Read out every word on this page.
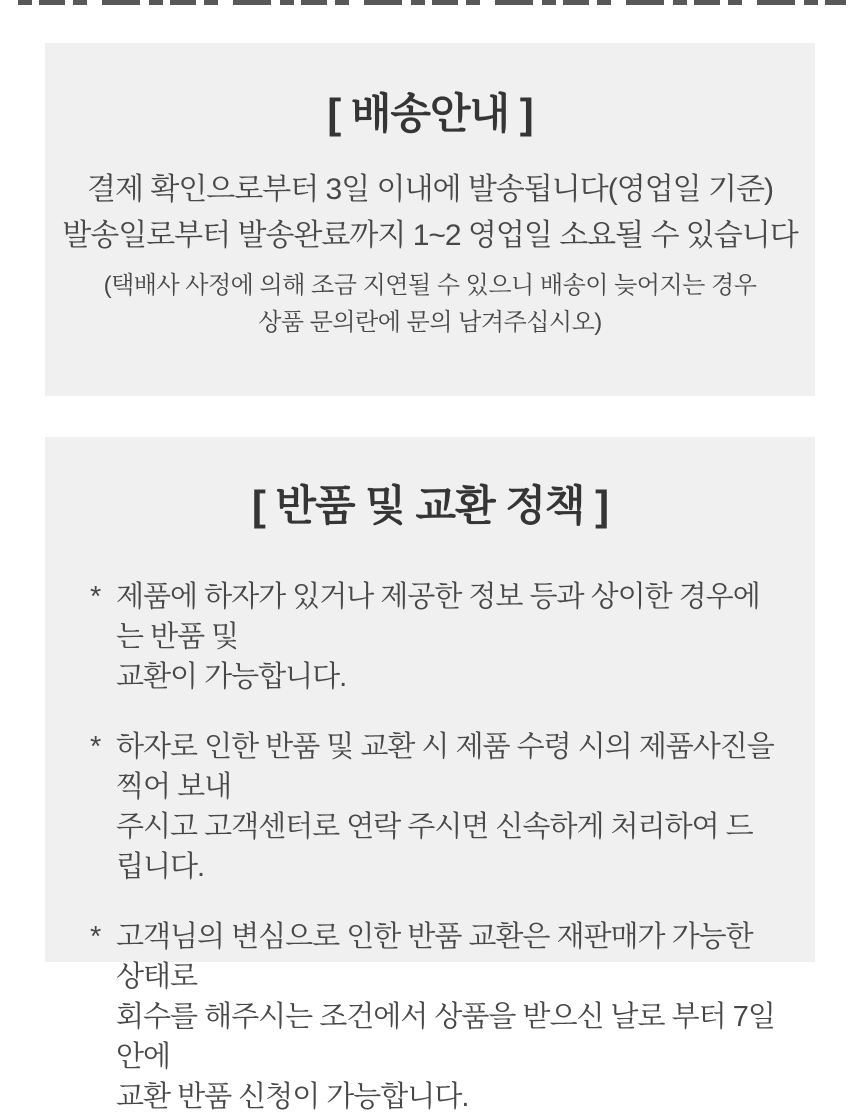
[ 배송안내 ]
결제 확인으로부터 3일 이내에 발송됩니다(영업일 기준)
발송일로부터 발송완료까지 1~2 영업일 소요될 수 있습니다
(택배사 사정에 의해 조금 지연될 수 있으니 배송이 늦어지는 경우
상품 문의란에 문의 남겨주십시오)
[ 반품 및 교환 정책 ]
* 제품에 하자가 있거나 제공한 정보 등과 상이한 경우에는 반품 및
교환이 가능합니다.
* 하자로 인한 반품 및 교환 시 제품 수령 시의 제품사진을 찍어 보내
주시고 고객센터로 연락 주시면 신속하게 처리하여 드립니다.
* 고객님의 변심으로 인한 반품 교환은 재판매가 가능한 상태로
회수를 해주시는 조건에서 상품을 받으신 날로 부터 7일안에
교환 반품 신청이 가능합니다.
